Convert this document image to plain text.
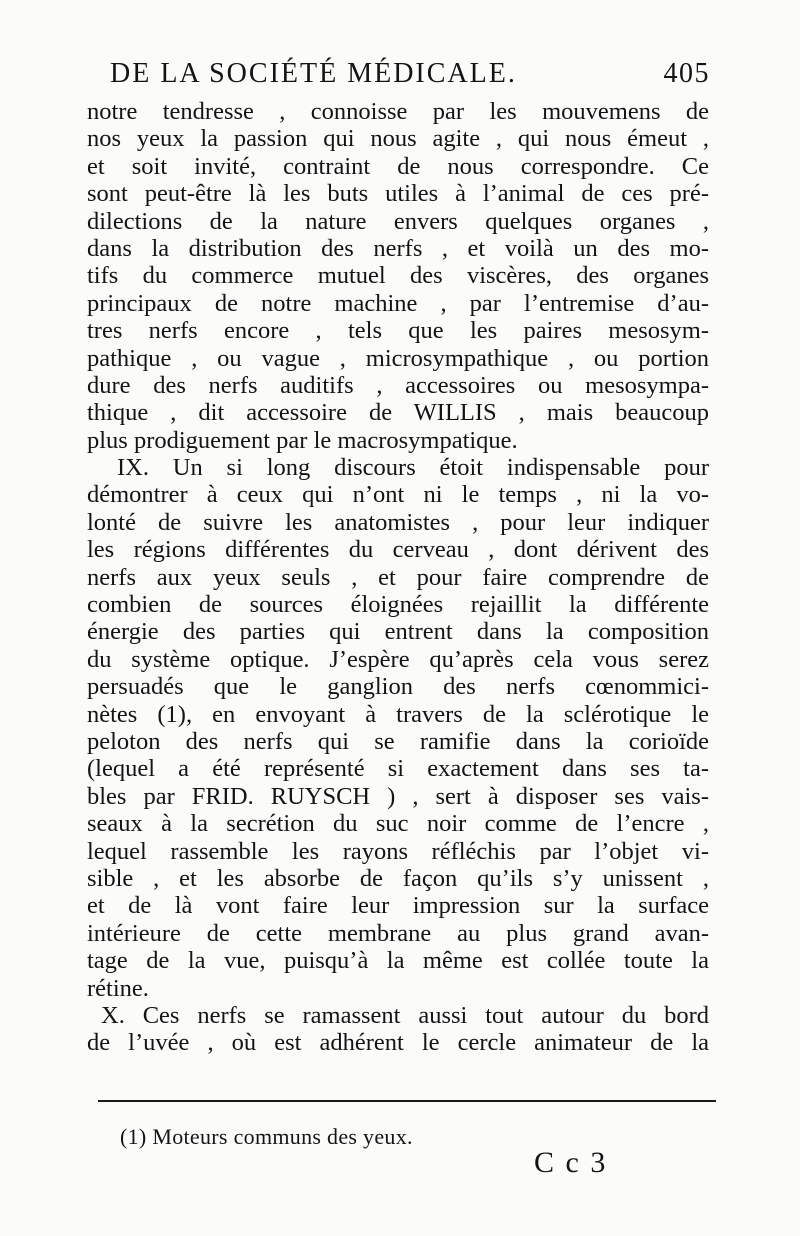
DE LA SOCIÉTÉ MÉDICALE.	405
notre tendresse , connoisse par les mouvemens de
nos yeux la passion qui nous agite , qui nous émeut ,
et soit invité, contraint de nous correspondre. Ce
sont peut-être là les buts utiles à l’animal de ces pré-
dilections de la nature envers quelques organes ,
dans la distribution des nerfs , et voilà un des mo-
tifs du commerce mutuel des viscères, des organes
principaux de notre machine , par l’entremise d’au-
tres nerfs encore , tels que les paires mesosym-
pathique , ou vague , microsympathique , ou portion
dure des nerfs auditifs , accessoires ou mesosympa-
thique , dit accessoire de WILLIS , mais beaucoup
plus prodiguement par le macrosympatique.
IX. Un si long discours étoit indispensable pour
démontrer à ceux qui n’ont ni le temps , ni la vo-
lonté de suivre les anatomistes , pour leur indiquer
les régions différentes du cerveau , dont dérivent des
nerfs aux yeux seuls , et pour faire comprendre de
combien de sources éloignées rejaillit la différente
énergie des parties qui entrent dans la composition
du système optique. J’espère qu’après cela vous serez
persuadés que le ganglion des nerfs cœnommici-
nètes (1), en envoyant à travers de la sclérotique le
peloton des nerfs qui se ramifie dans la corioïde
(lequel a été représenté si exactement dans ses ta-
bles par FRID. RUYSCH ) , sert à disposer ses vais-
seaux à la secrétion du suc noir comme de l’encre ,
lequel rassemble les rayons réfléchis par l’objet vi-
sible , et les absorbe de façon qu’ils s’y unissent ,
et de là vont faire leur impression sur la surface
intérieure de cette membrane au plus grand avan-
tage de la vue, puisqu’à la même est collée toute la
rétine.
X. Ces nerfs se ramassent aussi tout autour du bord
de l’uvée , où est adhérent le cercle animateur de la
(1) Moteurs communs des yeux.
C c 3
